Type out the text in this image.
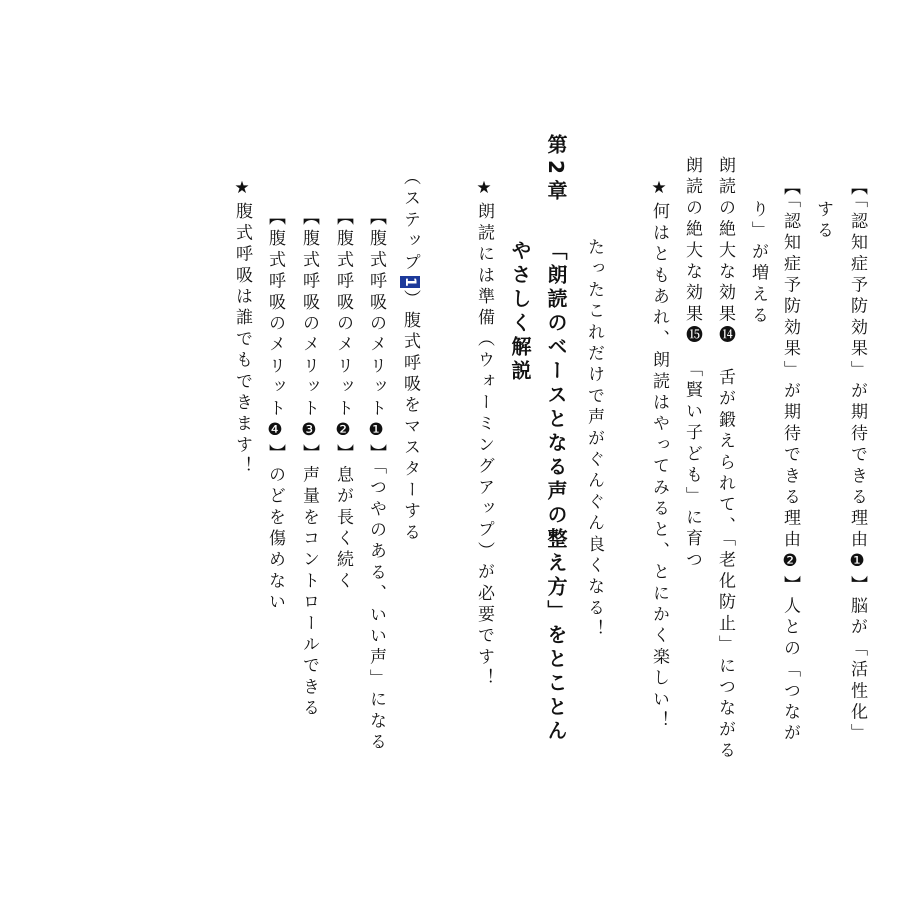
【「認知症予防効果」が期待できる理由❶】脳が「活性化」
する
【「認知症予防効果」が期待できる理由❷】人との「つなが
り」が増える
朗読の絶大な効果⓮　舌が鍛えられて、「老化防止」につながる
朗読の絶大な効果⓯　「賢い子ども」に育つ
★何はともあれ、朗読はやってみると、とにかく楽しい！
たったこれだけで声がぐんぐん良くなる！
第2章
「朗読のベースとなる声の整え方」をとことん
やさしく解説
★朗読には準備（ウォーミングアップ）が必要です！
（ステップ1）腹式呼吸をマスターする
【腹式呼吸のメリット❶】「つやのある、いい声」になる
【腹式呼吸のメリット❷】息が長く続く
【腹式呼吸のメリット❸】声量をコントロールできる
【腹式呼吸のメリット❹】のどを傷めない
★腹式呼吸は誰でもできます！
